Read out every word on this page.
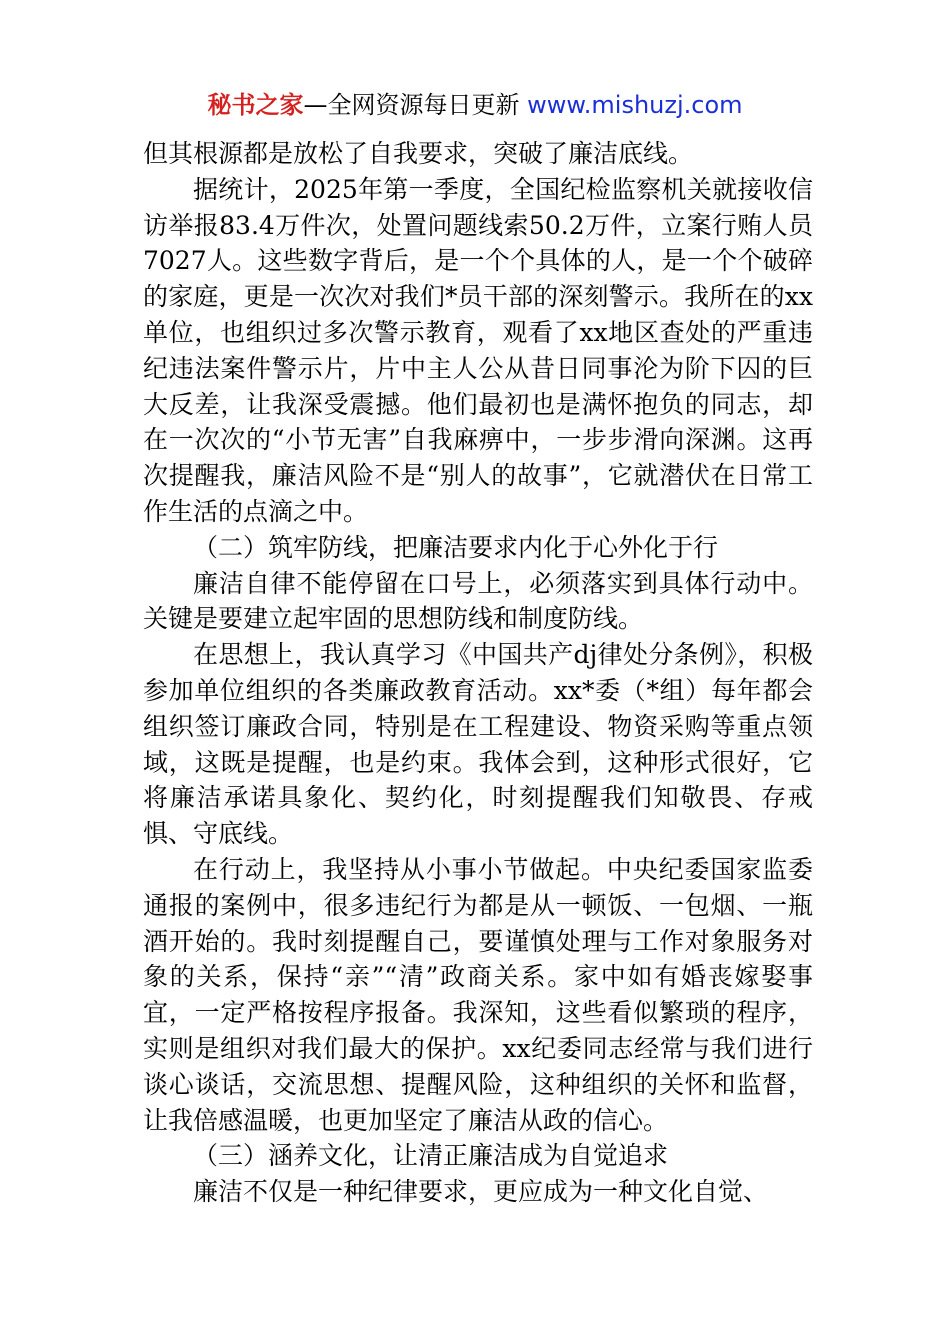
秘书之家—全网资源每日更新 www.mishuzj.com

但其根源都是放松了自我要求，突破了廉洁底线。

据统计，2025年第一季度，全国纪检监察机关就接收信访举报83.4万件次，处置问题线索50.2万件，立案行贿人员7027人。这些数字背后，是一个个具体的人，是一个个破碎的家庭，更是一次次对我们*员干部的深刻警示。我所在的xx单位，也组织过多次警示教育，观看了xx地区查处的严重违纪违法案件警示片，片中主人公从昔日同事沦为阶下囚的巨大反差，让我深受震撼。他们最初也是满怀抱负的同志，却在一次次的“小节无害”自我麻痹中，一步步滑向深渊。这再次提醒我，廉洁风险不是“别人的故事”，它就潜伏在日常工作生活的点滴之中。

（二）筑牢防线，把廉洁要求内化于心外化于行

廉洁自律不能停留在口号上，必须落实到具体行动中。关键是要建立起牢固的思想防线和制度防线。

在思想上，我认真学习《中国共产dj律处分条例》，积极参加单位组织的各类廉政教育活动。xx*委（*组）每年都会组织签订廉政合同，特别是在工程建设、物资采购等重点领域，这既是提醒，也是约束。我体会到，这种形式很好，它将廉洁承诺具象化、契约化，时刻提醒我们知敬畏、存戒惧、守底线。

在行动上，我坚持从小事小节做起。中央纪委国家监委通报的案例中，很多违纪行为都是从一顿饭、一包烟、一瓶酒开始的。我时刻提醒自己，要谨慎处理与工作对象服务对象的关系，保持“亲”“清”政商关系。家中如有婚丧嫁娶事宜，一定严格按程序报备。我深知，这些看似繁琐的程序，实则是组织对我们最大的保护。xx纪委同志经常与我们进行谈心谈话，交流思想、提醒风险，这种组织的关怀和监督，让我倍感温暖，也更加坚定了廉洁从政的信心。

（三）涵养文化，让清正廉洁成为自觉追求

廉洁不仅是一种纪律要求，更应成为一种文化自觉、
